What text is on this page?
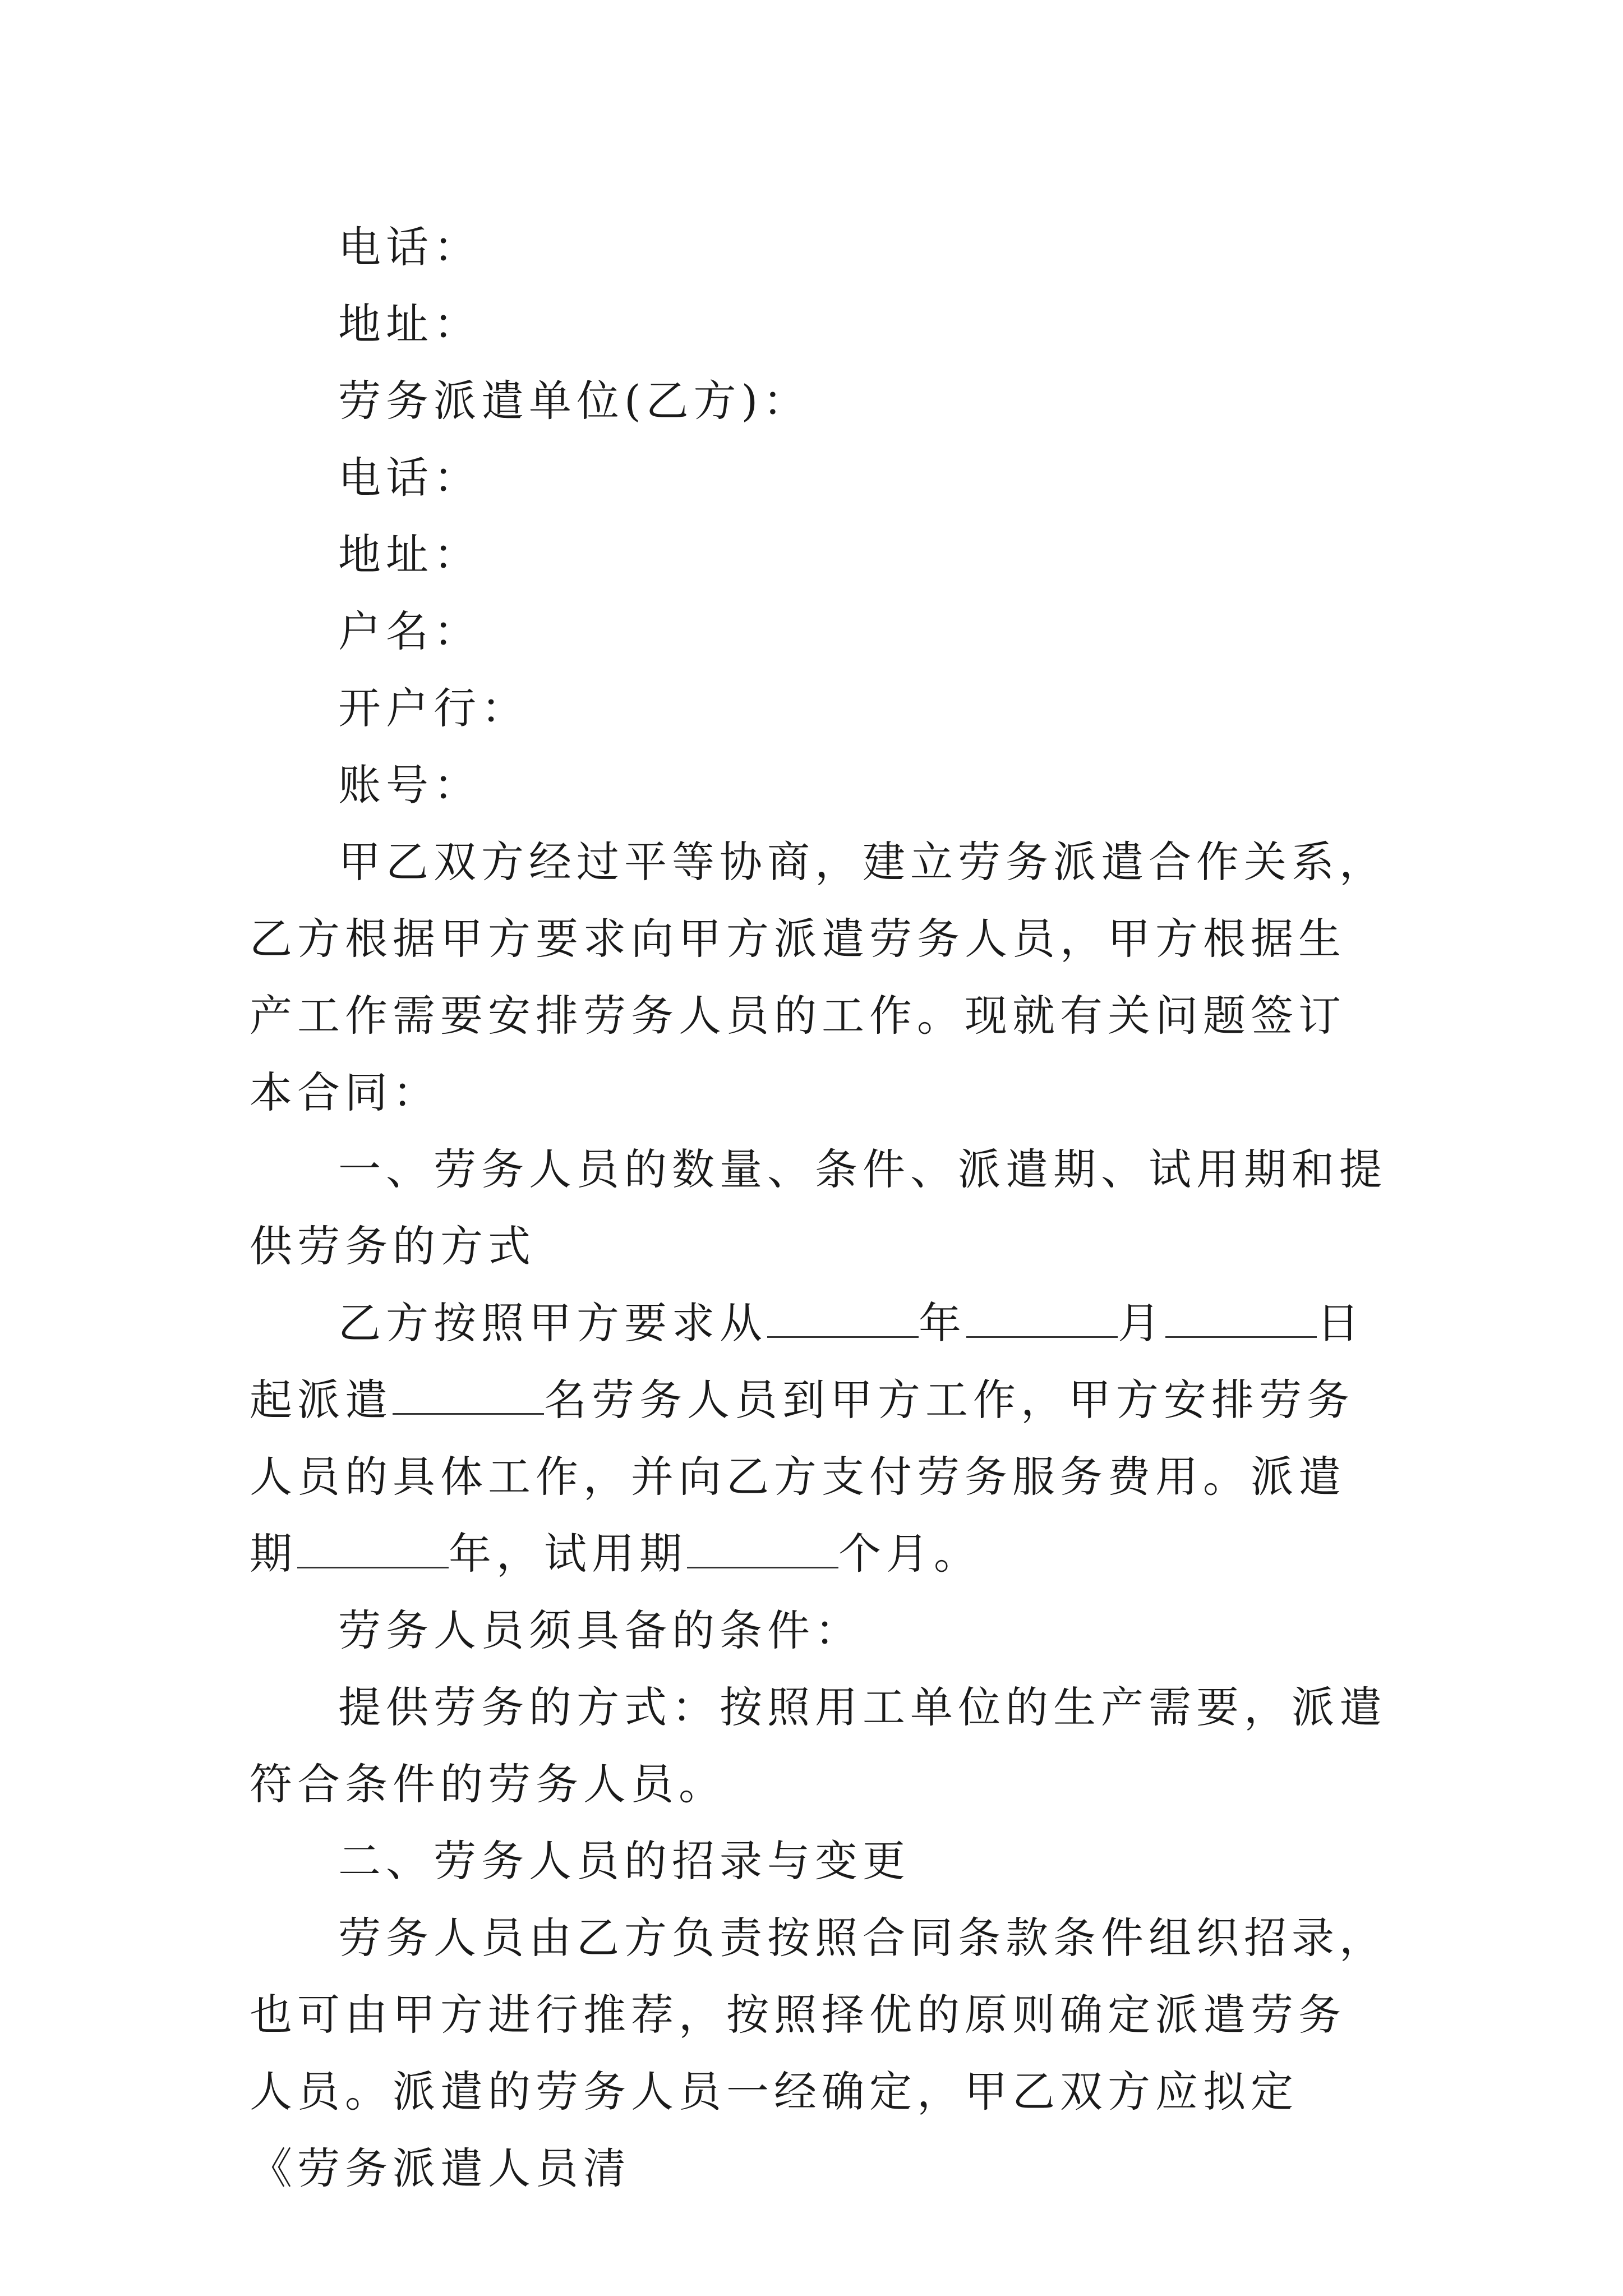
电话：

地址：

劳务派遣单位(乙方)：

电话：

地址：

户名：

开户行：

账号：

甲乙双方经过平等协商，建立劳务派遣合作关系，乙方根据甲方要求向甲方派遣劳务人员，甲方根据生产工作需要安排劳务人员的工作。现就有关问题签订本合同：

一、劳务人员的数量、条件、派遣期、试用期和提供劳务的方式

乙方按照甲方要求从	年	月	日起派遣	名劳务人员到甲方工作，甲方安排劳务人员的具体工作，并向乙方支付劳务服务费用。派遣期	年，试用期	个月。

劳务人员须具备的条件：

提供劳务的方式：按照用工单位的生产需要，派遣符合条件的劳务人员。

二、劳务人员的招录与变更

劳务人员由乙方负责按照合同条款条件组织招录，也可由甲方进行推荐，按照择优的原则确定派遣劳务人员。派遣的劳务人员一经确定，甲乙双方应拟定《劳务派遣人员清
